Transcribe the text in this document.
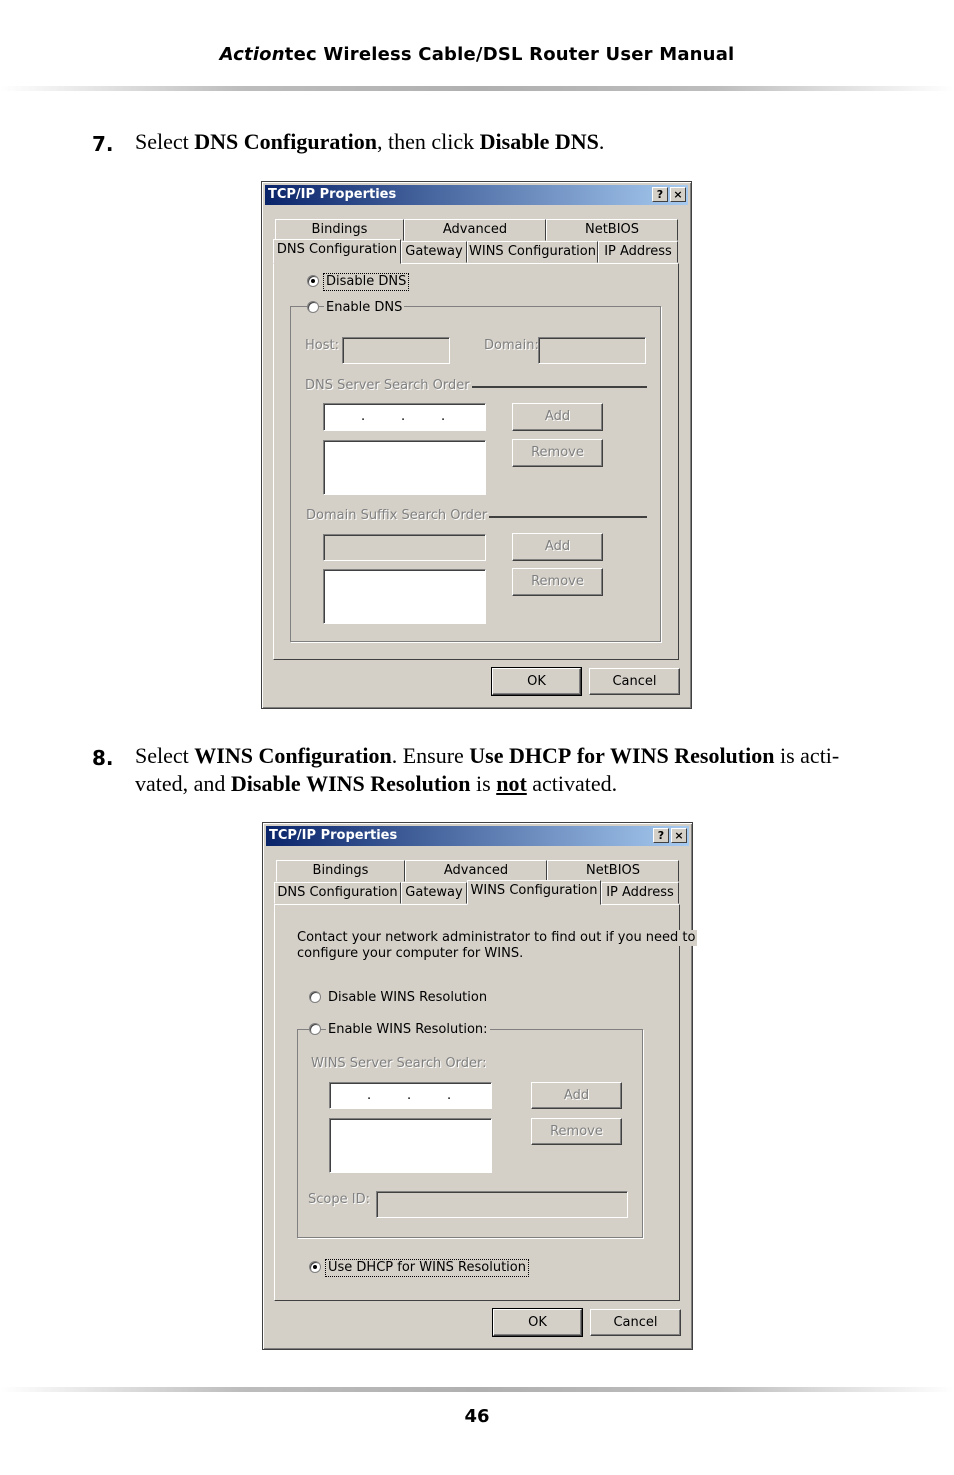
Actiontec Wireless Cable/DSL Router User Manual
7. Select DNS Configuration, then click Disable DNS.
TCP/IP Properties	? ×
Bindings	Advanced	NetBIOS
DNS Configuration Gateway WINS Configuration IP Address
Disable DNS
Enable DNS
Host:	Domain:
DNS Server Search Order
.	.	.	Add
Remove
Domain Suffix Search Order
Add
Remove
OK	Cancel
8. Select WINS Configuration. Ensure Use DHCP for WINS Resolution is acti-vated, and Disable WINS Resolution is not activated.
TCP/IP Properties	? ×
Bindings	Advanced	NetBIOS
DNS Configuration Gateway WINS Configuration IP Address
Contact your network administrator to find out if you need to
configure your computer for WINS.
Disable WINS Resolution
Enable WINS Resolution:
WINS Server Search Order:
.	.	.	Add
Remove
Scope ID:
Use DHCP for WINS Resolution
OK	Cancel
46
